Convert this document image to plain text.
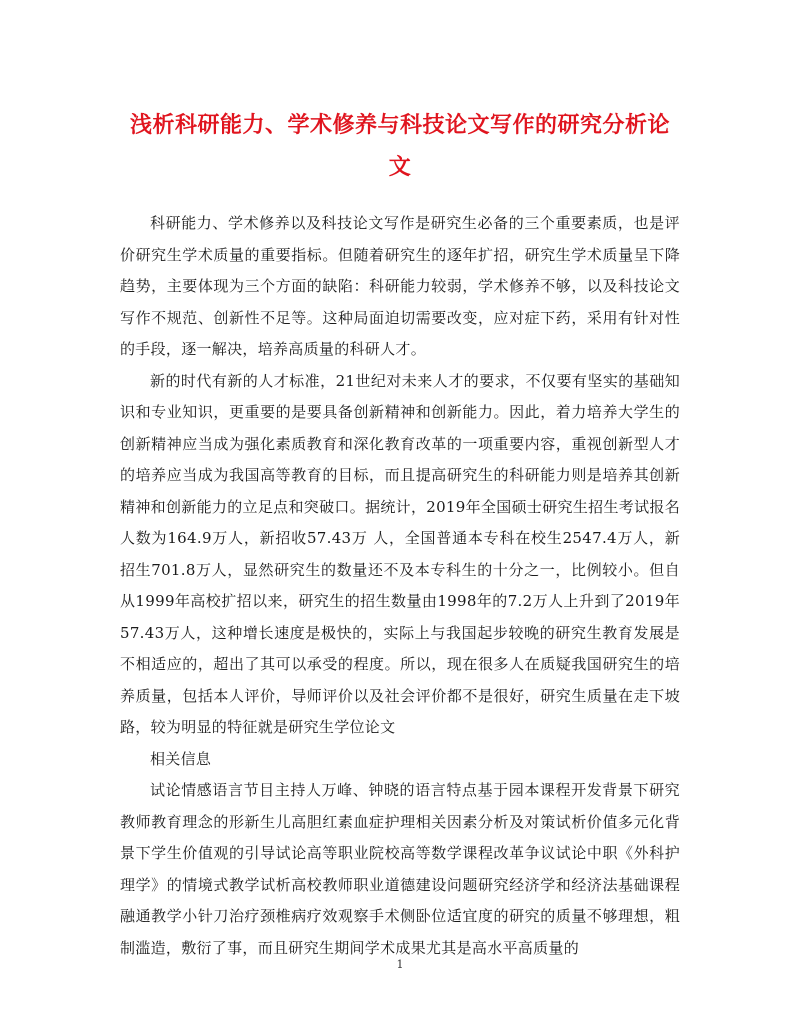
浅析科研能力、学术修养与科技论文写作的研究分析论文

科研能力、学术修养以及科技论文写作是研究生必备的三个重要素质，也是评价研究生学术质量的重要指标。但随着研究生的逐年扩招，研究生学术质量呈下降趋势，主要体现为三个方面的缺陷：科研能力较弱，学术修养不够，以及科技论文写作不规范、创新性不足等。这种局面迫切需要改变，应对症下药，采用有针对性的手段，逐一解决，培养高质量的科研人才。

新的时代有新的人才标准，21世纪对未来人才的要求，不仅要有坚实的基础知识和专业知识，更重要的是要具备创新精神和创新能力。因此，着力培养大学生的创新精神应当成为强化素质教育和深化教育改革的一项重要内容，重视创新型人才的培养应当成为我国高等教育的目标，而且提高研究生的科研能力则是培养其创新精神和创新能力的立足点和突破口。据统计，2019年全国硕士研究生招生考试报名人数为164.9万人，新招收57.43万 人，全国普通本专科在校生2547.4万人，新招生701.8万人，显然研究生的数量还不及本专科生的十分之一，比例较小。但自从1999年高校扩招以来，研究生的招生数量由1998年的7.2万人上升到了2019年57.43万人，这种增长速度是极快的，实际上与我国起步较晚的研究生教育发展是不相适应的，超出了其可以承受的程度。所以，现在很多人在质疑我国研究生的培养质量，包括本人评价，导师评价以及社会评价都不是很好，研究生质量在走下坡路，较为明显的特征就是研究生学位论文

相关信息

试论情感语言节目主持人万峰、钟晓的语言特点基于园本课程开发背景下研究教师教育理念的形新生儿高胆红素血症护理相关因素分析及对策试析价值多元化背景下学生价值观的引导试论高等职业院校高等数学课程改革争议试论中职《外科护理学》的情境式教学试析高校教师职业道德建设问题研究经济学和经济法基础课程融通教学小针刀治疗颈椎病疗效观察手术侧卧位适宜度的研究的质量不够理想，粗制滥造，敷衍了事，而且研究生期间学术成果尤其是高水平高质量的

1
